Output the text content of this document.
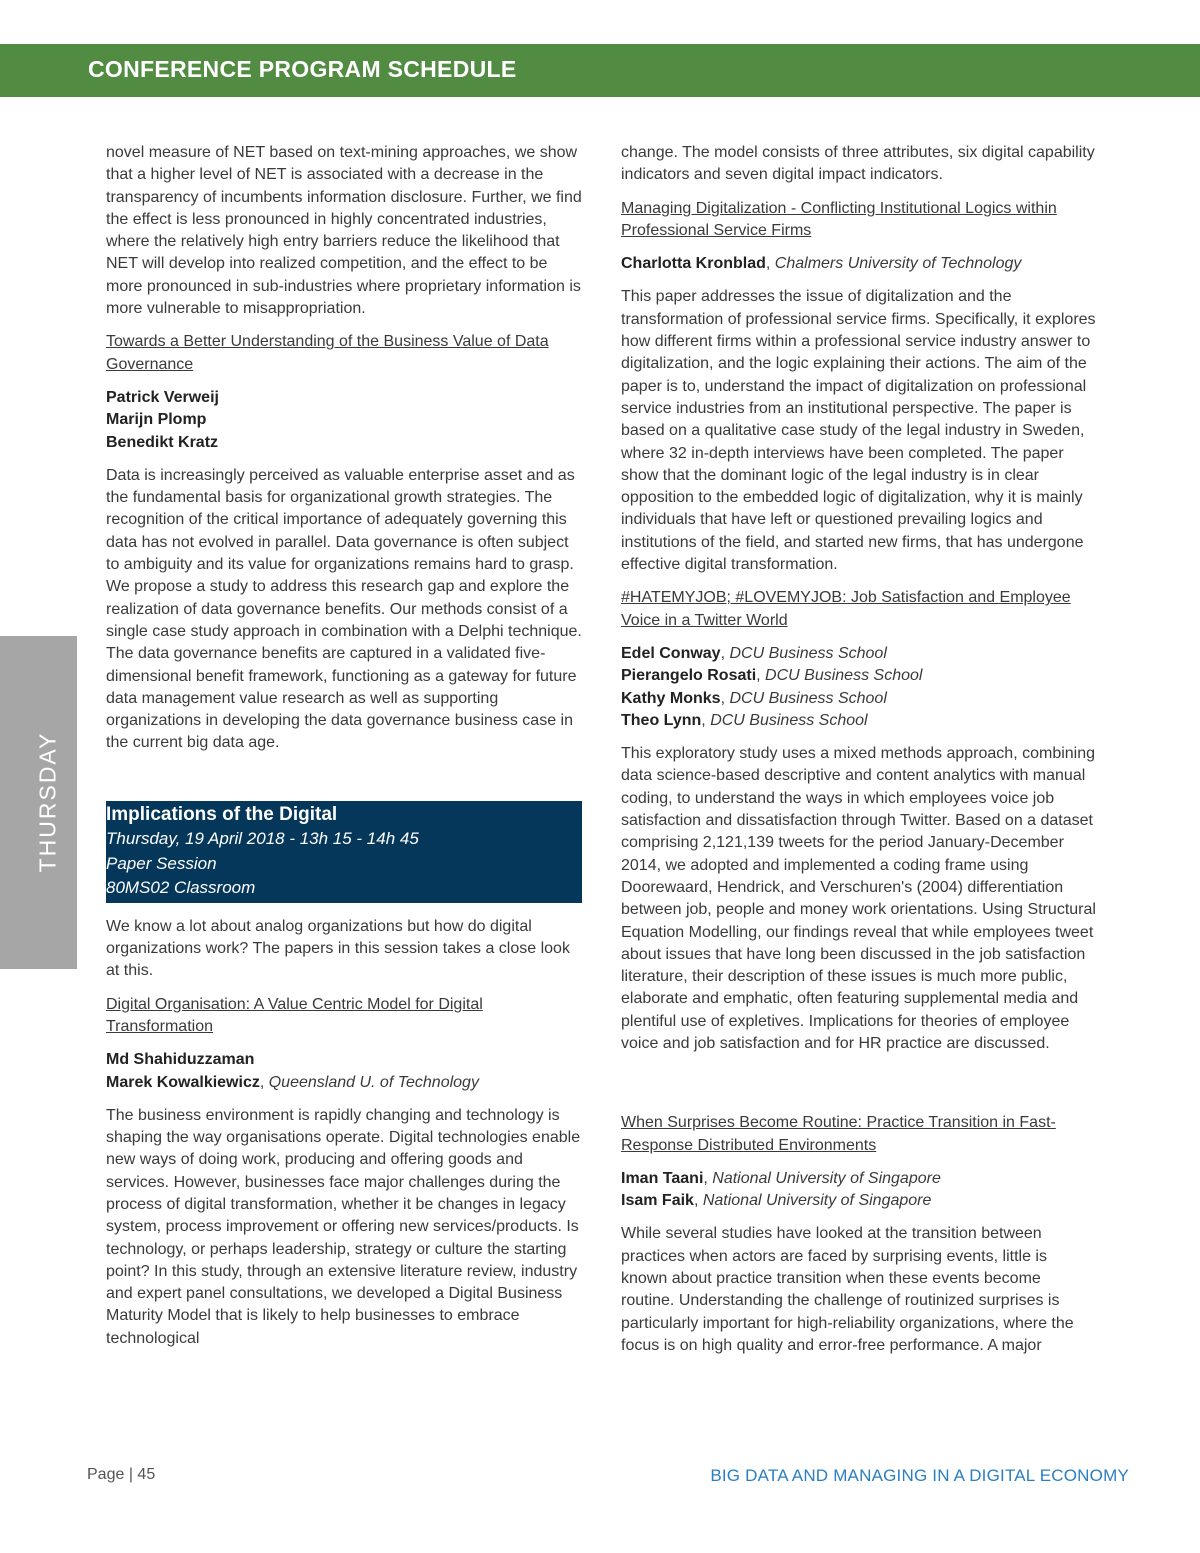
CONFERENCE PROGRAM SCHEDULE
THURSDAY

novel measure of NET based on text-mining approaches, we show that a higher level of NET is associated with a decrease in the transparency of incumbents information disclosure. Further, we find the effect is less pronounced in highly concentrated industries, where the relatively high entry barriers reduce the likelihood that NET will develop into realized competition, and the effect to be more pronounced in sub-industries where proprietary information is more vulnerable to misappropriation.

Towards a Better Understanding of the Business Value of Data Governance
Patrick Verweij
Marijn Plomp
Benedikt Kratz

Data is increasingly perceived as valuable enterprise asset and as the fundamental basis for organizational growth strategies. The recognition of the critical importance of adequately governing this data has not evolved in parallel. Data governance is often subject to ambiguity and its value for organizations remains hard to grasp. We propose a study to address this research gap and explore the realization of data governance benefits. Our methods consist of a single case study approach in combination with a Delphi technique. The data governance benefits are captured in a validated five-dimensional benefit framework, functioning as a gateway for future data management value research as well as supporting organizations in developing the data governance business case in the current big data age.

Implications of the Digital
Thursday, 19 April 2018 - 13h 15 - 14h 45
Paper Session
80MS02 Classroom

We know a lot about analog organizations but how do digital organizations work? The papers in this session takes a close look at this.

Digital Organisation: A Value Centric Model for Digital Transformation
Md Shahiduzzaman
Marek Kowalkiewicz, Queensland U. of Technology

The business environment is rapidly changing and technology is shaping the way organisations operate. Digital technologies enable new ways of doing work, producing and offering goods and services. However, businesses face major challenges during the process of digital transformation, whether it be changes in legacy system, process improvement or offering new services/products. Is technology, or perhaps leadership, strategy or culture the starting point? In this study, through an extensive literature review, industry and expert panel consultations, we developed a Digital Business Maturity Model that is likely to help businesses to embrace technological

change. The model consists of three attributes, six digital capability indicators and seven digital impact indicators.

Managing Digitalization - Conflicting Institutional Logics within Professional Service Firms
Charlotta Kronblad, Chalmers University of Technology

This paper addresses the issue of digitalization and the transformation of professional service firms. Specifically, it explores how different firms within a professional service industry answer to digitalization, and the logic explaining their actions. The aim of the paper is to, understand the impact of digitalization on professional service industries from an institutional perspective. The paper is based on a qualitative case study of the legal industry in Sweden, where 32 in-depth interviews have been completed. The paper show that the dominant logic of the legal industry is in clear opposition to the embedded logic of digitalization, why it is mainly individuals that have left or questioned prevailing logics and institutions of the field, and started new firms, that has undergone effective digital transformation.

#HATEMYJOB; #LOVEMYJOB: Job Satisfaction and Employee Voice in a Twitter World
Edel Conway, DCU Business School
Pierangelo Rosati, DCU Business School
Kathy Monks, DCU Business School
Theo Lynn, DCU Business School

This exploratory study uses a mixed methods approach, combining data science-based descriptive and content analytics with manual coding, to understand the ways in which employees voice job satisfaction and dissatisfaction through Twitter. Based on a dataset comprising 2,121,139 tweets for the period January-December 2014, we adopted and implemented a coding frame using Doorewaard, Hendrick, and Verschuren's (2004) differentiation between job, people and money work orientations. Using Structural Equation Modelling, our findings reveal that while employees tweet about issues that have long been discussed in the job satisfaction literature, their description of these issues is much more public, elaborate and emphatic, often featuring supplemental media and plentiful use of expletives. Implications for theories of employee voice and job satisfaction and for HR practice are discussed.

When Surprises Become Routine: Practice Transition in Fast-Response Distributed Environments
Iman Taani, National University of Singapore
Isam Faik, National University of Singapore

While several studies have looked at the transition between practices when actors are faced by surprising events, little is known about practice transition when these events become routine. Understanding the challenge of routinized surprises is particularly important for high-reliability organizations, where the focus is on high quality and error-free performance. A major

Page | 45	BIG DATA AND MANAGING IN A DIGITAL ECONOMY
